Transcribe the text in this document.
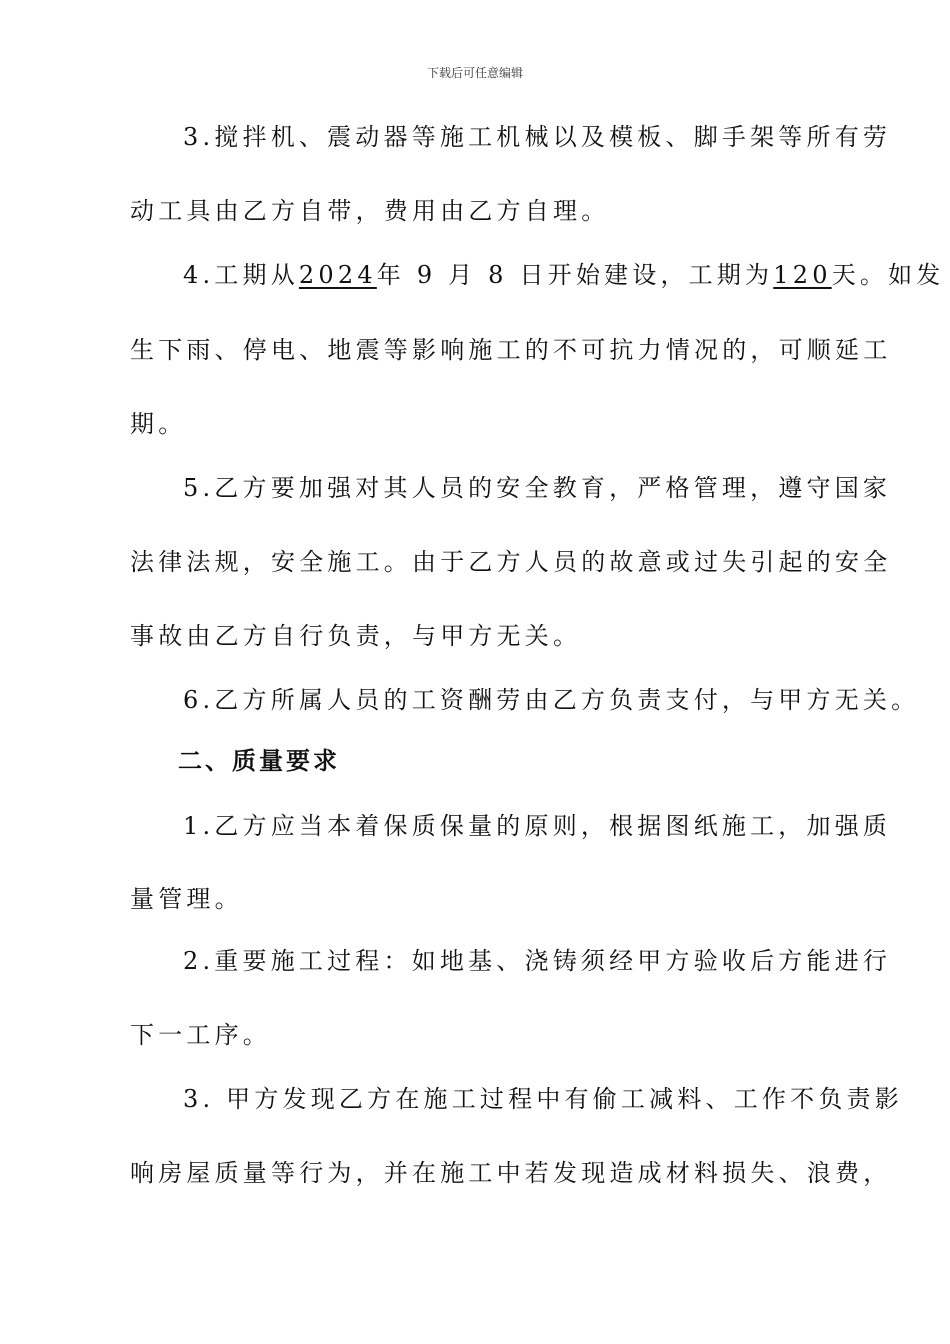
下载后可任意编辑
3.搅拌机、震动器等施工机械以及模板、脚手架等所有劳
动工具由乙方自带，费用由乙方自理。
4.工期从2024年 9 月 8 日开始建设，工期为120天。如发
生下雨、停电、地震等影响施工的不可抗力情况的，可顺延工
期。
5.乙方要加强对其人员的安全教育，严格管理，遵守国家
法律法规，安全施工。由于乙方人员的故意或过失引起的安全
事故由乙方自行负责，与甲方无关。
6.乙方所属人员的工资酬劳由乙方负责支付，与甲方无关。
二、质量要求
1.乙方应当本着保质保量的原则，根据图纸施工，加强质
量管理。
2.重要施工过程：如地基、浇铸须经甲方验收后方能进行
下一工序。
3. 甲方发现乙方在施工过程中有偷工减料、工作不负责影
响房屋质量等行为，并在施工中若发现造成材料损失、浪费，
